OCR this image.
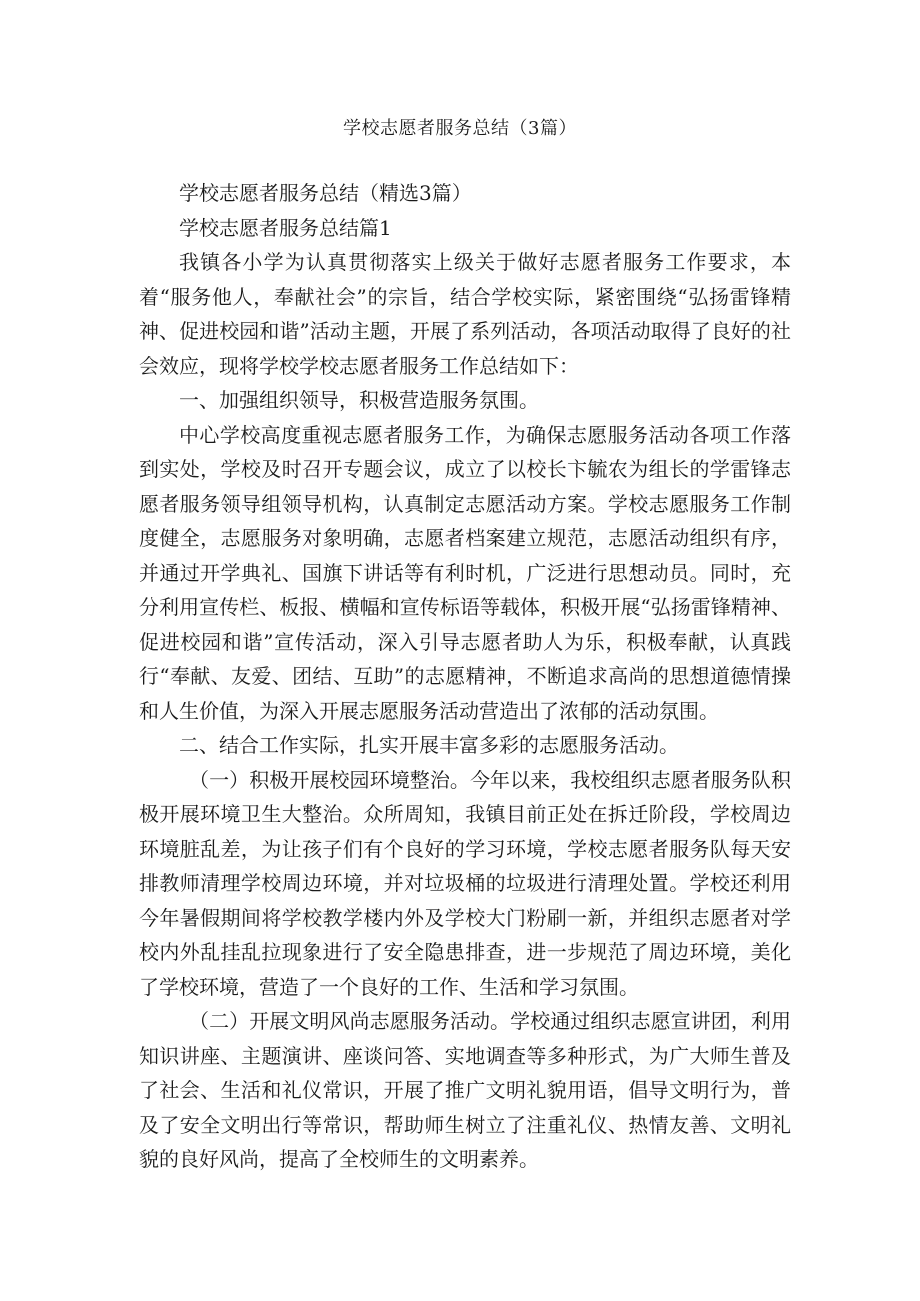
学校志愿者服务总结（3篇）

学校志愿者服务总结（精选3篇）

学校志愿者服务总结篇1

我镇各小学为认真贯彻落实上级关于做好志愿者服务工作要求，本着“服务他人，奉献社会”的宗旨，结合学校实际，紧密围绕“弘扬雷锋精神、促进校园和谐”活动主题，开展了系列活动，各项活动取得了良好的社会效应，现将学校学校志愿者服务工作总结如下：

一、加强组织领导，积极营造服务氛围。

中心学校高度重视志愿者服务工作，为确保志愿服务活动各项工作落到实处，学校及时召开专题会议，成立了以校长卞毓农为组长的学雷锋志愿者服务领导组领导机构，认真制定志愿活动方案。学校志愿服务工作制度健全，志愿服务对象明确，志愿者档案建立规范，志愿活动组织有序，并通过开学典礼、国旗下讲话等有利时机，广泛进行思想动员。同时，充分利用宣传栏、板报、横幅和宣传标语等载体，积极开展“弘扬雷锋精神、促进校园和谐”宣传活动，深入引导志愿者助人为乐，积极奉献，认真践行“奉献、友爱、团结、互助”的志愿精神，不断追求高尚的思想道德情操和人生价值，为深入开展志愿服务活动营造出了浓郁的活动氛围。

二、结合工作实际，扎实开展丰富多彩的志愿服务活动。

（一）积极开展校园环境整治。今年以来，我校组织志愿者服务队积极开展环境卫生大整治。众所周知，我镇目前正处在拆迁阶段，学校周边环境脏乱差，为让孩子们有个良好的学习环境，学校志愿者服务队每天安排教师清理学校周边环境，并对垃圾桶的垃圾进行清理处置。学校还利用今年暑假期间将学校教学楼内外及学校大门粉刷一新，并组织志愿者对学校内外乱挂乱拉现象进行了安全隐患排查，进一步规范了周边环境，美化了学校环境，营造了一个良好的工作、生活和学习氛围。

（二）开展文明风尚志愿服务活动。学校通过组织志愿宣讲团，利用知识讲座、主题演讲、座谈问答、实地调查等多种形式，为广大师生普及了社会、生活和礼仪常识，开展了推广文明礼貌用语，倡导文明行为，普及了安全文明出行等常识，帮助师生树立了注重礼仪、热情友善、文明礼貌的良好风尚，提高了全校师生的文明素养。
